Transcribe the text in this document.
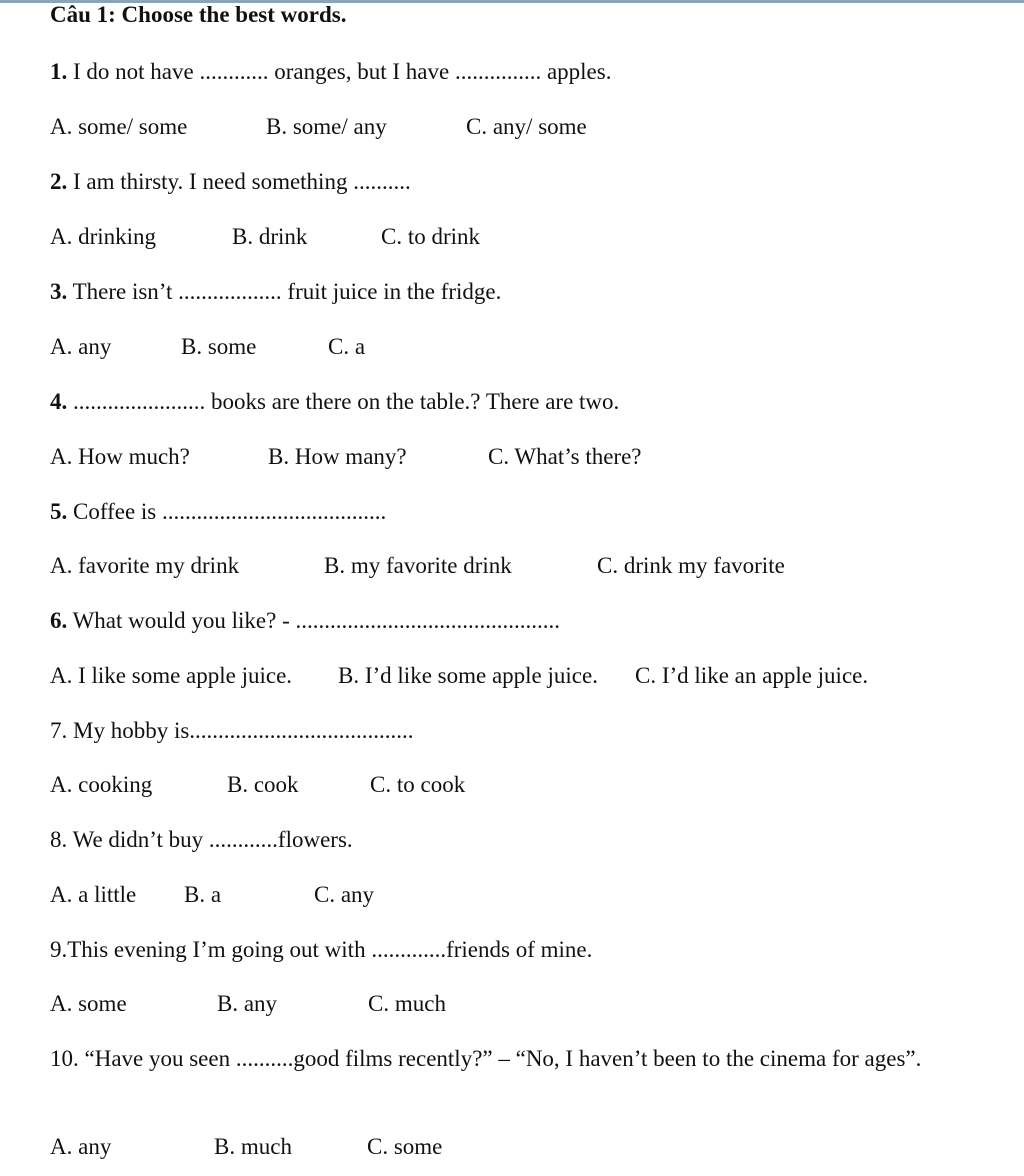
Câu 1: Choose the best words.
1. I do not have ............ oranges, but I have ............... apples.
A. some/ some	B. some/ any	C. any/ some
2. I am thirsty. I need something ..........
A. drinking	B. drink	C. to drink
3. There isn’t .................. fruit juice in the fridge.
A. any	B. some	C. a
4. ....................... books are there on the table.? There are two.
A. How much?	B. How many?	C. What’s there?
5. Coffee is .......................................
A. favorite my drink	B. my favorite drink	C. drink my favorite
6. What would you like? - ..............................................
A. I like some apple juice. B. I’d like some apple juice. C. I’d like an apple juice.
7. My hobby is.......................................
A. cooking	B. cook	C. to cook
8. We didn’t buy ............flowers.
A. a little B. a	C. any
9.This evening I’m going out with .............friends of mine.
A. some	B. any	C. much
10. “Have you seen ..........good films recently?” – “No, I haven’t been to the cinema for ages”.
A. any	B. much	C. some
